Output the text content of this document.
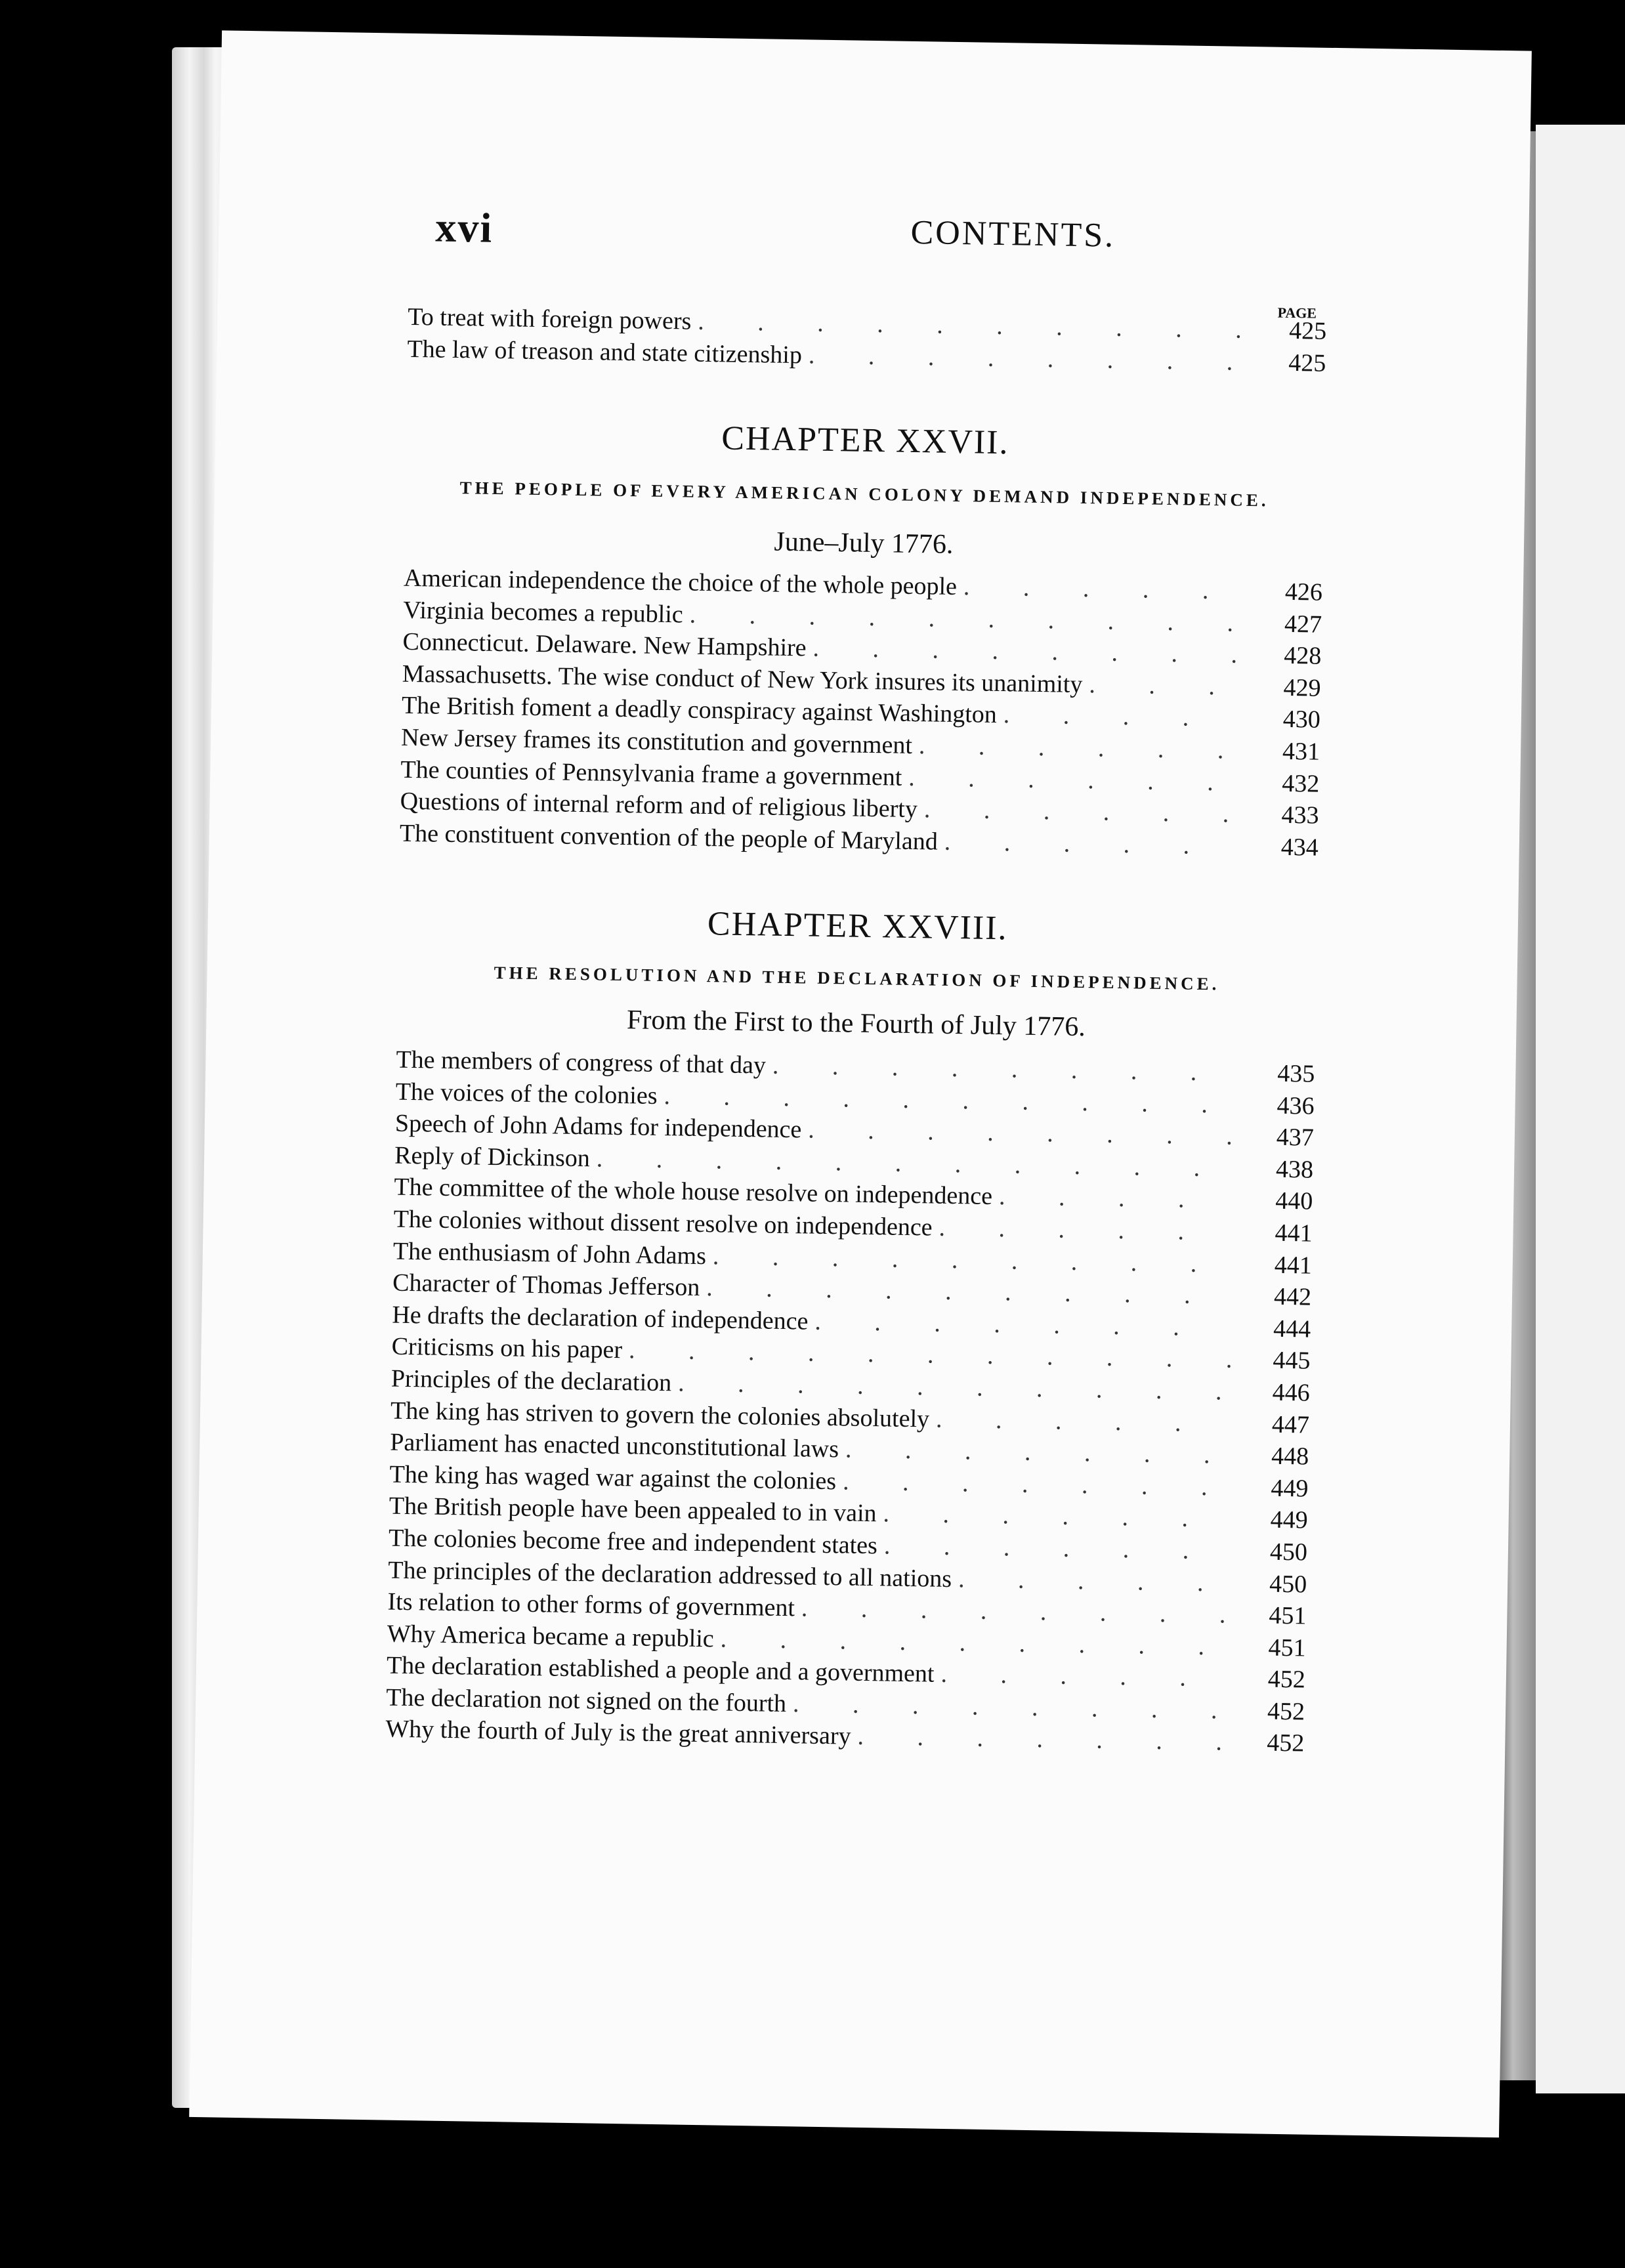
xvi	CONTENTS.
PAGE
To treat with foreign powers . . .	425
The law of treason and state citizenship . . .	425
CHAPTER XXVII.
THE PEOPLE OF EVERY AMERICAN COLONY DEMAND INDEPENDENCE.
June–July 1776.
American independence the choice of the whole people . . .	426
Virginia becomes a republic . . .	427
Connecticut. Delaware. New Hampshire . . .	428
Massachusetts. The wise conduct of New York insures its unanimity . . .	429
The British foment a deadly conspiracy against Washington . . .	430
New Jersey frames its constitution and government . . .	431
The counties of Pennsylvania frame a government . . .	432
Questions of internal reform and of religious liberty . . .	433
The constituent convention of the people of Maryland . . .	434
CHAPTER XXVIII.
THE RESOLUTION AND THE DECLARATION OF INDEPENDENCE.
From the First to the Fourth of July 1776.
The members of congress of that day . . .	435
The voices of the colonies . . .	436
Speech of John Adams for independence . . .	437
Reply of Dickinson . . .	438
The committee of the whole house resolve on independence . . .	440
The colonies without dissent resolve on independence . . .	441
The enthusiasm of John Adams . . .	441
Character of Thomas Jefferson . . .	442
He drafts the declaration of independence . . .	444
Criticisms on his paper . . .	445
Principles of the declaration . . .	446
The king has striven to govern the colonies absolutely . . .	447
Parliament has enacted unconstitutional laws . . .	448
The king has waged war against the colonies . . .	449
The British people have been appealed to in vain . . .	449
The colonies become free and independent states . . .	450
The principles of the declaration addressed to all nations . . .	450
Its relation to other forms of government . . .	451
Why America became a republic . . .	451
The declaration established a people and a government . . .	452
The declaration not signed on the fourth . . .	452
Why the fourth of July is the great anniversary . . .	452
